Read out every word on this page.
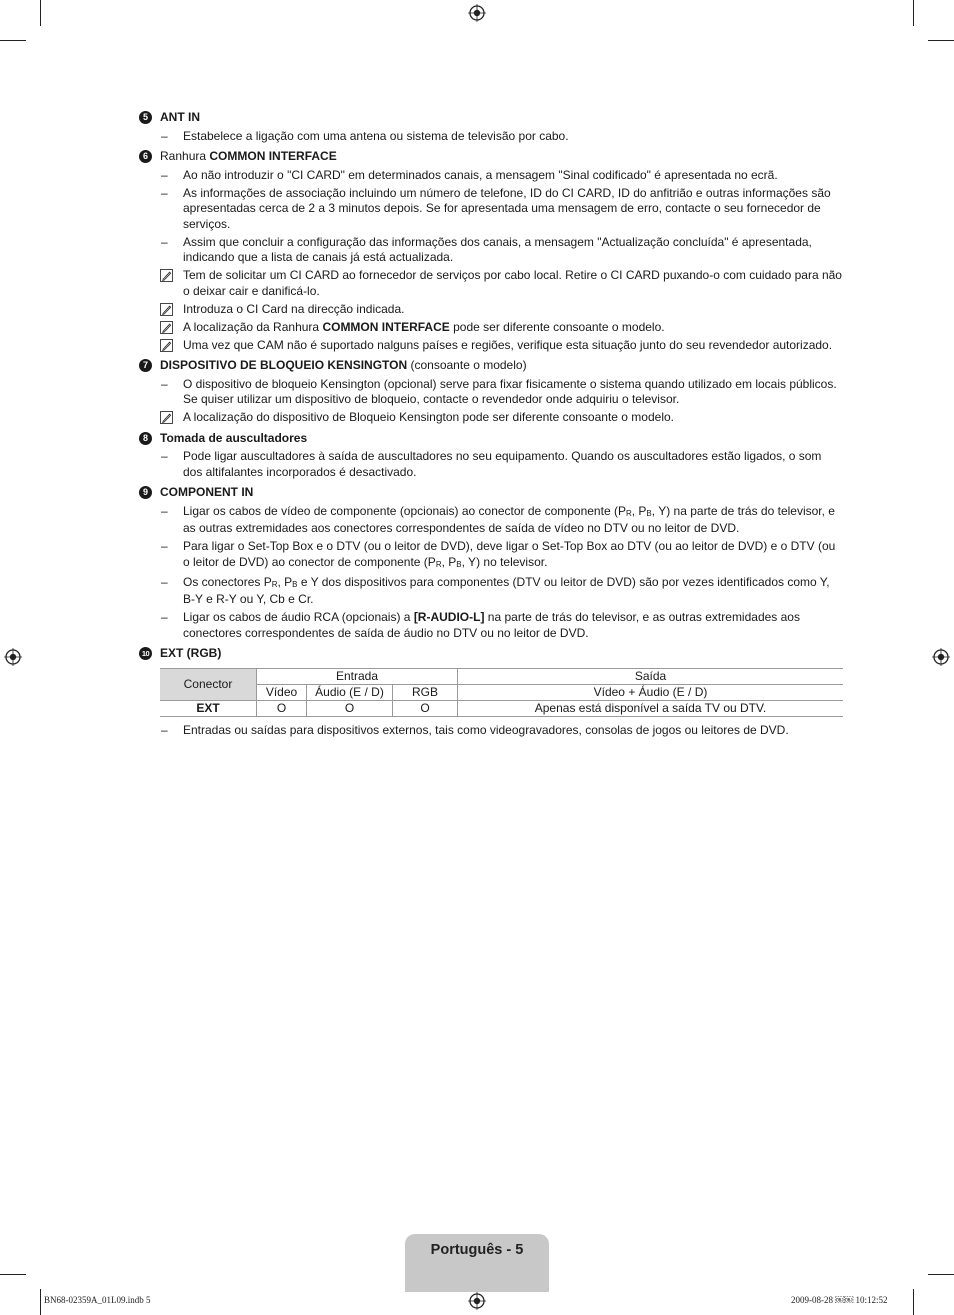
5	ANT IN
–
Estabelece a ligação com uma antena ou sistema de televisão por cabo.
6	Ranhura COMMON INTERFACE
–
Ao não introduzir o "CI CARD" em determinados canais, a mensagem "Sinal codificado" é apresentada no ecrã.
–
As informações de associação incluindo um número de telefone, ID do CI CARD, ID do anfitrião e outras informações são apresentadas cerca de 2 a 3 minutos depois. Se for apresentada uma mensagem de erro, contacte o seu fornecedor de serviços.
–
Assim que concluir a configuração das informações dos canais, a mensagem "Actualização concluída" é apresentada, indicando que a lista de canais já está actualizada.
Tem de solicitar um CI CARD ao fornecedor de serviços por cabo local. Retire o CI CARD puxando-o com cuidado para não o deixar cair e danificá-lo.
Introduza o CI Card na direcção indicada.
A localização da Ranhura COMMON INTERFACE pode ser diferente consoante o modelo.
Uma vez que CAM não é suportado nalguns países e regiões, verifique esta situação junto do seu revendedor autorizado.
7	DISPOSITIVO DE BLOQUEIO KENSINGTON (consoante o modelo)
–
O dispositivo de bloqueio Kensington (opcional) serve para fixar fisicamente o sistema quando utilizado em locais públicos. Se quiser utilizar um dispositivo de bloqueio, contacte o revendedor onde adquiriu o televisor.
A localização do dispositivo de Bloqueio Kensington pode ser diferente consoante o modelo.
8	Tomada de auscultadores
–
Pode ligar auscultadores à saída de auscultadores no seu equipamento. Quando os auscultadores estão ligados, o som dos altifalantes incorporados é desactivado.
9	COMPONENT IN
–
Ligar os cabos de vídeo de componente (opcionais) ao conector de componente (PR, PB, Y) na parte de trás do televisor, e as outras extremidades aos conectores correspondentes de saída de vídeo no DTV ou no leitor de DVD.
–
Para ligar o Set-Top Box e o DTV (ou o leitor de DVD), deve ligar o Set-Top Box ao DTV (ou ao leitor de DVD) e o DTV (ou o leitor de DVD) ao conector de componente (PR, PB, Y) no televisor.
–
Os conectores PR, PB e Y dos dispositivos para componentes (DTV ou leitor de DVD) são por vezes identificados como Y, B-Y e R-Y ou Y, Cb e Cr.
–
Ligar os cabos de áudio RCA (opcionais) a [R-AUDIO-L] na parte de trás do televisor, e as outras extremidades aos conectores correspondentes de saída de áudio no DTV ou no leitor de DVD.
10 EXT (RGB)
Conector	Entrada			Saída
	Vídeo	Áudio (E / D)	RGB	Vídeo + Áudio (E / D)
EXT	O	O	O	Apenas está disponível a saída TV ou DTV.
–
Entradas ou saídas para dispositivos externos, tais como videogravadores, consolas de jogos ou leitores de DVD.
Português - 5
BN68-02359A_01L09.indb 5	2009-08-28 ￼￼ 10:12:52
